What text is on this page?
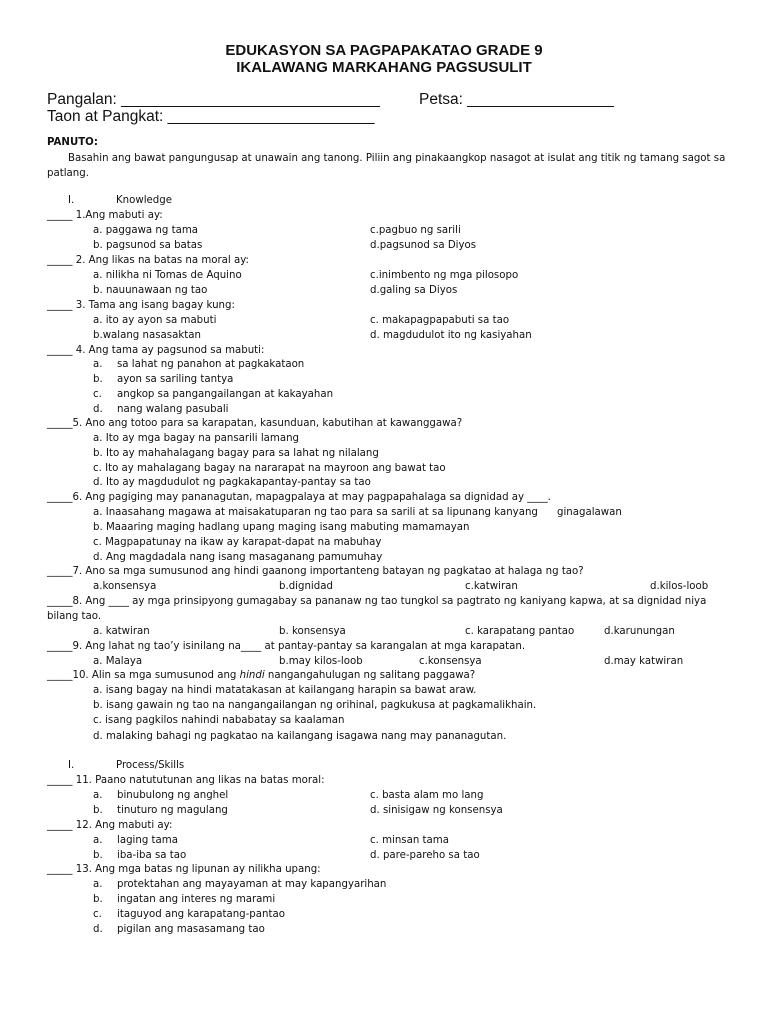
EDUKASYON SA PAGPAPAKATAO GRADE 9
IKALAWANG MARKAHANG PAGSUSULIT
Pangalan: ______________________________	Petsa: _________________
Taon at Pangkat: ________________________
PANUTO:
Basahin ang bawat pangungusap at unawain ang tanong. Piliin ang pinakaangkop nasagot at isulat ang titik ng tamang sagot sa patlang.
I.	Knowledge
_____ 1.Ang mabuti ay:
a. paggawa ng tama	c.pagbuo ng sarili
b. pagsunod sa batas	d.pagsunod sa Diyos
_____ 2. Ang likas na batas na moral ay:
a. nilikha ni Tomas de Aquino	c.inimbento ng mga pilosopo
b. nauunawaan ng tao	d.galing sa Diyos
_____ 3. Tama ang isang bagay kung:
a. ito ay ayon sa mabuti	c. makapagpapabuti sa tao
b.walang nasasaktan	d. magdudulot ito ng kasiyahan
_____ 4. Ang tama ay pagsunod sa mabuti:
a. sa lahat ng panahon at pagkakataon
b. ayon sa sariling tantya
c. angkop sa pangangailangan at kakayahan
d. nang walang pasubali
_____5. Ano ang totoo para sa karapatan, kasunduan, kabutihan at kawanggawa?
a. Ito ay mga bagay na pansarili lamang
b. Ito ay mahahalagang bagay para sa lahat ng nilalang
c. Ito ay mahalagang bagay na nararapat na mayroon ang bawat tao
d. Ito ay magdudulot ng pagkakapantay-pantay sa tao
_____6. Ang pagiging may pananagutan, mapagpalaya at may pagpapahalaga sa dignidad ay ____.
a. Inaasahang magawa at maisakatuparan ng tao para sa sarili at sa lipunang kanyang ginagalawan
b. Maaaring maging hadlang upang maging isang mabuting mamamayan
c. Magpapatunay na ikaw ay karapat-dapat na mabuhay
d. Ang magdadala nang isang masaganang pamumuhay
_____7. Ano sa mga sumusunod ang hindi gaanong importanteng batayan ng pagkatao at halaga ng tao?
a.konsensya	b.dignidad	c.katwiran	d.kilos-loob
_____8. Ang ____ ay mga prinsipyong gumagabay sa pananaw ng tao tungkol sa pagtrato ng kaniyang kapwa, at sa dignidad niya
bilang tao.
a. katwiran	b. konsensya	c. karapatang pantao	d.karunungan
_____9. Ang lahat ng tao’y isinilang na____ at pantay-pantay sa karangalan at mga karapatan.
a. Malaya	b.may kilos-loob	c.konsensya	d.may katwiran
_____10. Alin sa mga sumusunod ang hindi nangangahulugan ng salitang paggawa?
a. isang bagay na hindi matatakasan at kailangang harapin sa bawat araw.
b. isang gawain ng tao na nangangailangan ng orihinal, pagkukusa at pagkamalikhain.
c. isang pagkilos nahindi nababatay sa kaalaman
d. malaking bahagi ng pagkatao na kailangang isagawa nang may pananagutan.
I.	Process/Skills
_____ 11. Paano natututunan ang likas na batas moral:
a. binubulong ng anghel	c. basta alam mo lang
b. tinuturo ng magulang	d. sinisigaw ng konsensya
_____ 12. Ang mabuti ay:
a. laging tama	c. minsan tama
b. iba-iba sa tao	d. pare-pareho sa tao
_____ 13. Ang mga batas ng lipunan ay nilikha upang:
a. protektahan ang mayayaman at may kapangyarihan
b. ingatan ang interes ng marami
c. itaguyod ang karapatang-pantao
d. pigilan ang masasamang tao
